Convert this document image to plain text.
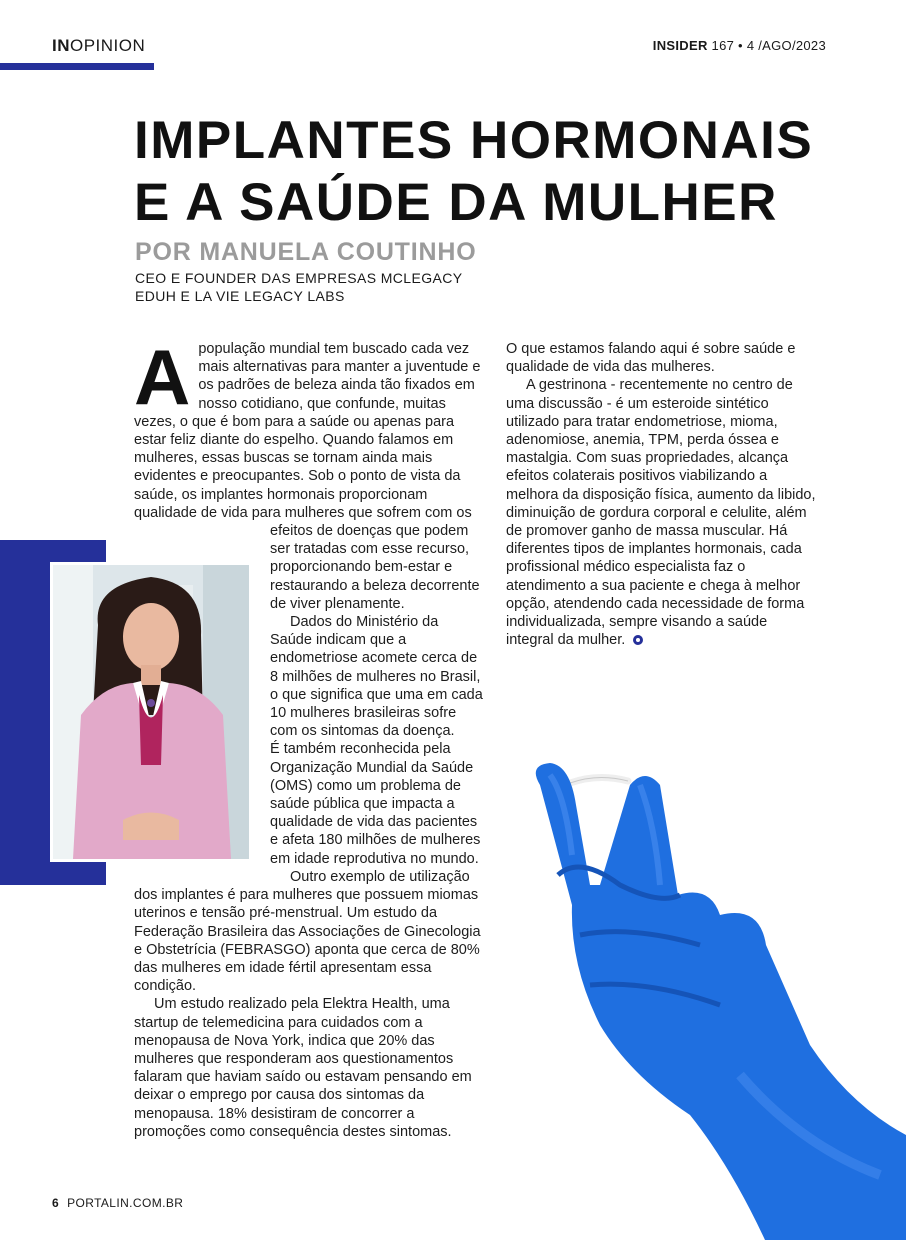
INOPINION	INSIDER 167 • 4 /AGO/2023
IMPLANTES HORMONAIS
E A SAÚDE DA MULHER
POR MANUELA COUTINHO
CEO E FOUNDER DAS EMPRESAS MCLEGACY EDUH E LA VIE LEGACY LABS
A população mundial tem buscado cada vez mais alternativas para manter a juventude e os padrões de beleza ainda tão fixados em nosso cotidiano, que confunde, muitas vezes, o que é bom para a saúde ou apenas para estar feliz diante do espelho. Quando falamos em mulheres, essas buscas se tornam ainda mais evidentes e preocupantes. Sob o ponto de vista da saúde, os implantes hormonais proporcionam qualidade de vida para mulheres que sofrem com
os efeitos de doenças que podem ser tratadas com esse recurso, proporcionando bem-estar e restaurando a beleza decorrente de viver plenamente.

Dados do Ministério da Saúde indicam que a endometriose acomete cerca de 8 milhões de mulheres no Brasil, o que significa que uma em cada 10 mulheres brasileiras sofre com os sintomas da doença.

É também reconhecida pela Organização Mundial da Saúde (OMS) como um problema de saúde pública que impacta a qualidade de vida das pacientes e afeta 180 milhões de mulheres em idade reprodutiva no mundo.

Outro exemplo de utilização dos implantes é para mulheres que possuem miomas uterinos e tensão pré-menstrual. Um estudo da Federação Brasileira das Associações de Ginecologia e Obstetrícia (FEBRASGO) aponta que cerca de 80% das mulheres em idade fértil apresentam essa condição.

Um estudo realizado pela Elektra Health, uma startup de telemedicina para cuidados com a menopausa de Nova York, indica que 20% das mulheres que responderam aos questionamentos falaram que haviam saído ou estavam pensando em deixar o emprego por causa dos sintomas da menopausa. 18% desistiram de concorrer a promoções como consequência destes sintomas.

O que estamos falando aqui é sobre saúde e qualidade de vida das mulheres.

A gestrinona - recentemente no centro de uma discussão - é um esteroide sintético utilizado para tratar endometriose, mioma, adenomiose, anemia, TPM, perda óssea e mastalgia. Com suas propriedades, alcança efeitos colaterais positivos viabilizando a melhora da disposição física, aumento da libido, diminuição de gordura corporal e celulite, além de promover ganho de massa muscular. Há diferentes tipos de implantes hormonais, cada profissional médico especialista faz o atendimento a sua paciente e chega à melhor opção, atendendo cada necessidade de forma individualizada, sempre visando a saúde integral da mulher.

6 PORTALIN.COM.BR
